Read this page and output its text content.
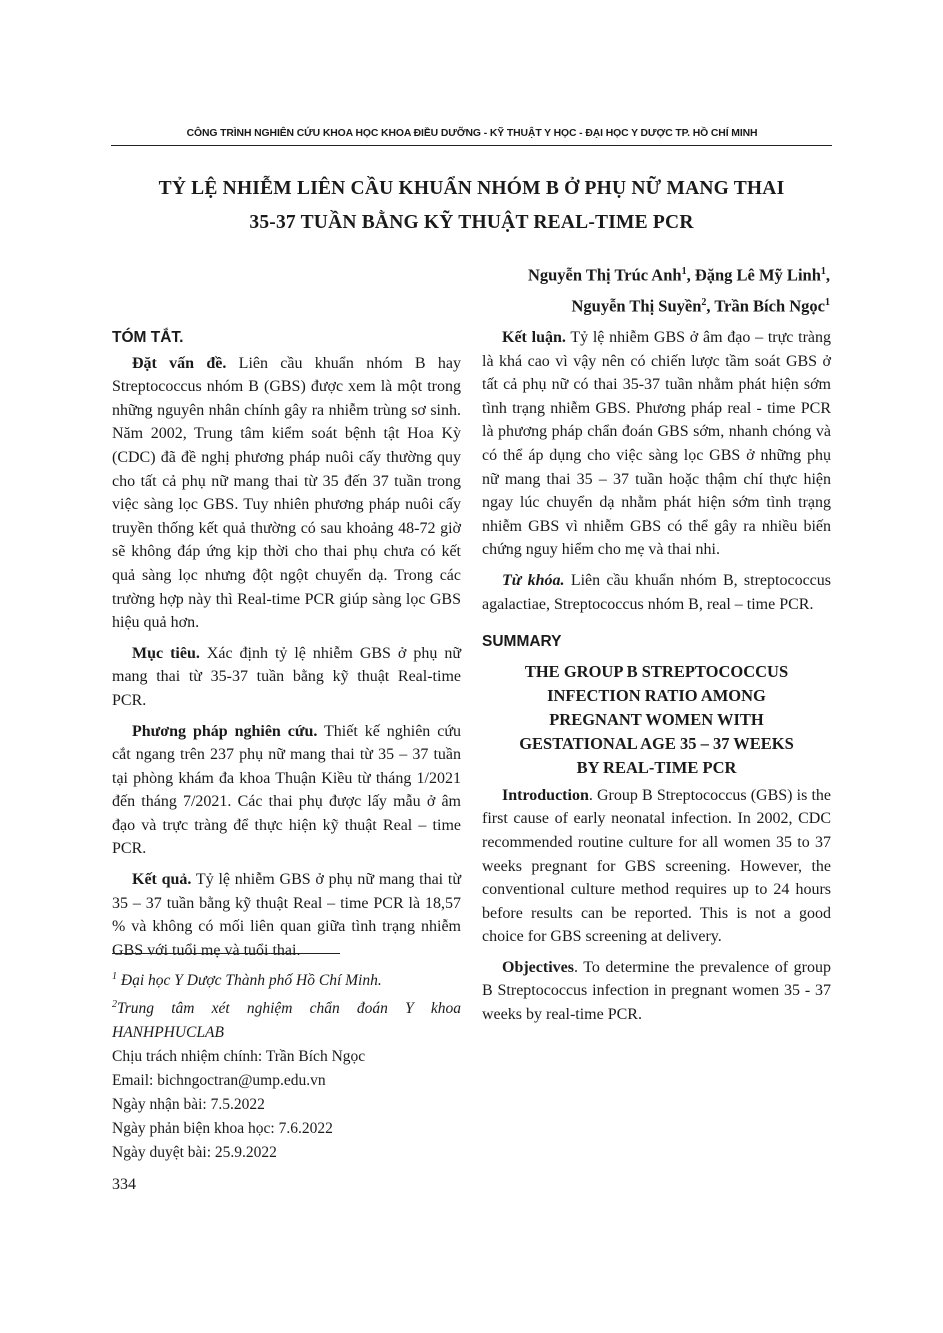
CÔNG TRÌNH NGHIÊN CỨU KHOA HỌC KHOA ĐIỀU DƯỠNG - KỸ THUẬT Y HỌC - ĐẠI HỌC Y DƯỢC TP. HỒ CHÍ MINH
TỶ LỆ NHIỄM LIÊN CẦU KHUẨN NHÓM B Ở PHỤ NỮ MANG THAI
35-37 TUẦN BẰNG KỸ THUẬT REAL-TIME PCR
Nguyễn Thị Trúc Anh$^1$, Đặng Lê Mỹ Linh$^1$,
Nguyễn Thị Suyền$^2$, Trần Bích Ngọc$^1$
TÓM TẮT.

Đặt vấn đề. Liên cầu khuẩn nhóm B hay Streptococcus nhóm B (GBS) được xem là một trong những nguyên nhân chính gây ra nhiễm trùng sơ sinh. Năm 2002, Trung tâm kiểm soát bệnh tật Hoa Kỳ (CDC) đã đề nghị phương pháp nuôi cấy thường quy cho tất cả phụ nữ mang thai từ 35 đến 37 tuần trong việc sàng lọc GBS. Tuy nhiên phương pháp nuôi cấy truyền thống kết quả thường có sau khoảng 48-72 giờ sẽ không đáp ứng kịp thời cho thai phụ chưa có kết quả sàng lọc nhưng đột ngột chuyển dạ. Trong các trường hợp này thì Real-time PCR giúp sàng lọc GBS hiệu quả hơn.

Mục tiêu. Xác định tỷ lệ nhiễm GBS ở phụ nữ mang thai từ 35-37 tuần bằng kỹ thuật Real-time PCR.

Phương pháp nghiên cứu. Thiết kế nghiên cứu cắt ngang trên 237 phụ nữ mang thai từ 35 – 37 tuần tại phòng khám đa khoa Thuận Kiều từ tháng 1/2021 đến tháng 7/2021. Các thai phụ được lấy mẫu ở âm đạo và trực tràng để thực hiện kỹ thuật Real – time PCR.

Kết quả. Tỷ lệ nhiễm GBS ở phụ nữ mang thai từ 35 – 37 tuần bằng kỹ thuật Real – time PCR là 18,57 % và không có mối liên quan giữa tình trạng nhiễm GBS với tuổi mẹ và tuổi thai.

Kết luận. Tỷ lệ nhiễm GBS ở âm đạo – trực tràng là khá cao vì vậy nên có chiến lược tầm soát GBS ở tất cả phụ nữ có thai 35-37 tuần nhằm phát hiện sớm tình trạng nhiễm GBS. Phương pháp real - time PCR là phương pháp chẩn đoán GBS sớm, nhanh chóng và có thể áp dụng cho việc sàng lọc GBS ở những phụ nữ mang thai 35 – 37 tuần hoặc thậm chí thực hiện ngay lúc chuyển dạ nhằm phát hiện sớm tình trạng nhiễm GBS vì nhiễm GBS có thể gây ra nhiều biến chứng nguy hiểm cho mẹ và thai nhi.

Từ khóa. Liên cầu khuẩn nhóm B, streptococcus agalactiae, Streptococcus nhóm B, real – time PCR.

SUMMARY
THE GROUP B STREPTOCOCCUS
INFECTION RATIO AMONG
PREGNANT WOMEN WITH
GESTATIONAL AGE 35 – 37 WEEKS
BY REAL-TIME PCR

Introduction. Group B Streptococcus (GBS) is the first cause of early neonatal infection. In 2002, CDC recommended routine culture for all women 35 to 37 weeks pregnant for GBS screening. However, the conventional culture method requires up to 24 hours before results can be reported. This is not a good choice for GBS screening at delivery.

Objectives. To determine the prevalence of group B Streptococcus infection in pregnant women 35 - 37 weeks by real-time PCR.

$^1$ Đại học Y Dược Thành phố Hồ Chí Minh.
$^2$Trung tâm xét nghiệm chẩn đoán Y khoa HANHPHUCLAB
Chịu trách nhiệm chính: Trần Bích Ngọc
Email: bichngoctran@ump.edu.vn
Ngày nhận bài: 7.5.2022
Ngày phản biện khoa học: 7.6.2022
Ngày duyệt bài: 25.9.2022
334
